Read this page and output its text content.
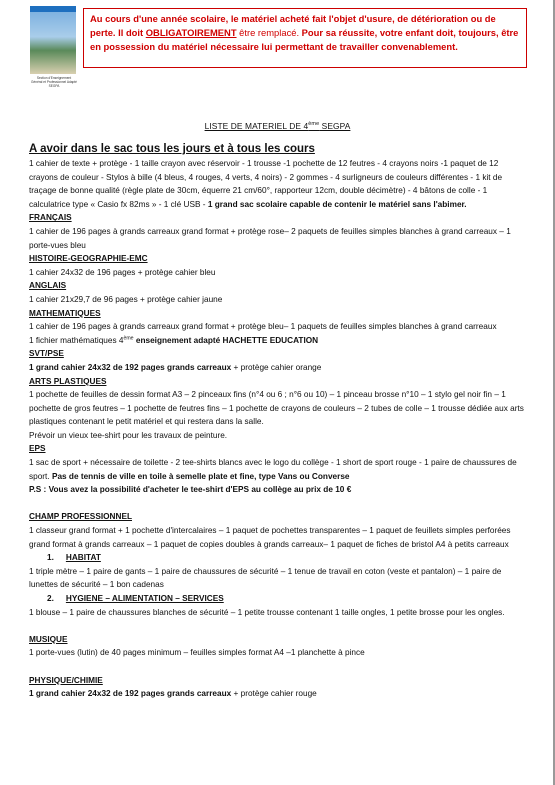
Section d'Enseignement
Général et Professionnel Adapté
SEGPA
Au cours d'une année scolaire, le matériel acheté fait l'objet d'usure, de détérioration ou de perte. Il doit OBLIGATOIREMENT être remplacé. Pour sa réussite, votre enfant doit, toujours, être en possession du matériel nécessaire lui permettant de travailler convenablement.
LISTE DE MATERIEL DE 4ème SEGPA
A avoir dans le sac tous les jours et à tous les cours

1 cahier de texte + protège - 1 taille crayon avec réservoir - 1 trousse -1 pochette de 12 feutres - 4 crayons noirs -1 paquet de 12 crayons de couleur - Stylos à bille (4 bleus, 4 rouges, 4 verts, 4 noirs) - 2 gommes - 4 surligneurs de couleurs différentes - 1 kit de traçage de bonne qualité (règle plate de 30cm, équerre 21 cm/60°, rapporteur 12cm, double décimètre) - 4 bâtons de colle - 1 calculatrice type « Casio fx 82ms » - 1 clé USB - 1 grand sac scolaire capable de contenir le matériel sans l'abimer.

FRANÇAIS

1 cahier de 196 pages à grands carreaux grand format + protège rose– 2 paquets de feuilles simples blanches à grand carreaux – 1 porte-vues bleu

HISTOIRE-GEOGRAPHIE-EMC

1 cahier 24x32 de 196 pages + protège cahier bleu

ANGLAIS

1 cahier 21x29,7 de 96 pages + protège cahier jaune

MATHEMATIQUES

1 cahier de 196 pages à grands carreaux grand format + protège bleu– 1 paquets de feuilles simples blanches à grand carreaux

1 fichier mathématiques 4ème enseignement adapté HACHETTE EDUCATION

SVT/PSE

1 grand cahier 24x32 de 192 pages grands carreaux + protège cahier orange

ARTS PLASTIQUES

1 pochette de feuilles de dessin format A3 – 2 pinceaux fins (n°4 ou 6 ; n°6 ou 10) – 1 pinceau brosse n°10 – 1 stylo gel noir fin – 1 pochette de gros feutres – 1 pochette de feutres fins – 1 pochette de crayons de couleurs – 2 tubes de colle – 1 trousse dédiée aux arts plastiques contenant le petit matériel et qui restera dans la salle.

Prévoir un vieux tee-shirt pour les travaux de peinture.

EPS

1 sac de sport + nécessaire de toilette - 2 tee-shirts blancs avec le logo du collège - 1 short de sport rouge - 1 paire de chaussures de sport. Pas de tennis de ville en toile à semelle plate et fine, type Vans ou Converse

P.S : Vous avez la possibilité d'acheter le tee-shirt d'EPS au collège au prix de 10 €

CHAMP PROFESSIONNEL

1 classeur grand format + 1 pochette d'intercalaires – 1 paquet de pochettes transparentes – 1 paquet de feuillets simples perforées grand format à grands carreaux – 1 paquet de copies doubles à grands carreaux– 1 paquet de fiches de bristol A4 à petits carreaux

1. HABITAT

1 triple mètre – 1 paire de gants – 1 paire de chaussures de sécurité – 1 tenue de travail en coton (veste et pantalon) – 1 paire de lunettes de sécurité – 1 bon cadenas

2. HYGIENE – ALIMENTATION – SERVICES

1 blouse – 1 paire de chaussures blanches de sécurité – 1 petite trousse contenant 1 taille ongles, 1 petite brosse pour les ongles.

MUSIQUE

1 porte-vues (lutin) de 40 pages minimum – feuilles simples format A4 –1 planchette à pince

PHYSIQUE/CHIMIE

1 grand cahier 24x32 de 192 pages grands carreaux + protège cahier rouge
